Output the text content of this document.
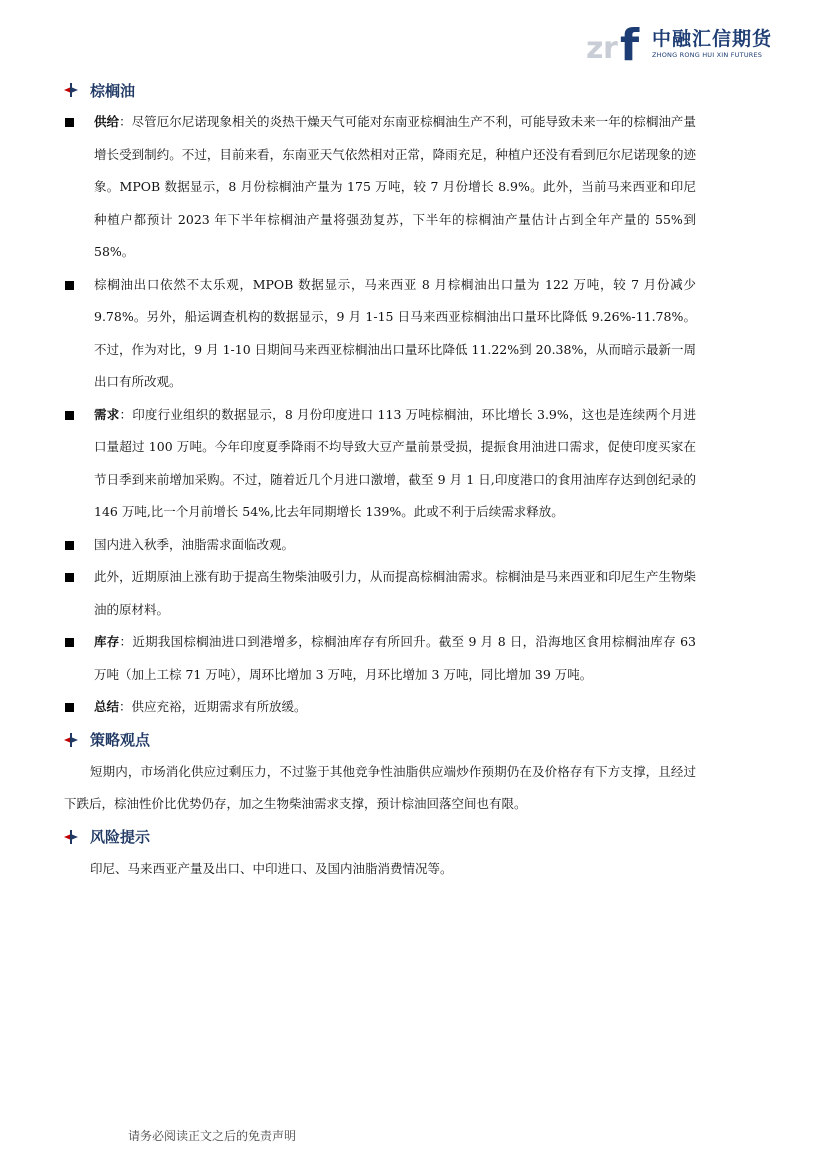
z r f 中融汇信期货
ZHONG RONG HUI XIN FUTURES
棕榈油
供给：尽管厄尔尼诺现象相关的炎热干燥天气可能对东南亚棕榈油生产不利，可能导致未来一年的棕榈油产量增长受到制约。不过，目前来看，东南亚天气依然相对正常，降雨充足，种植户还没有看到厄尔尼诺现象的迹象。MPOB 数据显示，8 月份棕榈油产量为 175 万吨，较 7 月份增长 8.9%。此外，当前马来西亚和印尼种植户都预计 2023 年下半年棕榈油产量将强劲复苏，下半年的棕榈油产量估计占到全年产量的 55%到 58%。
棕榈油出口依然不太乐观，MPOB 数据显示，马来西亚 8 月棕榈油出口量为 122 万吨，较 7 月份减少 9.78%。另外，船运调查机构的数据显示，9 月 1-15 日马来西亚棕榈油出口量环比降低 9.26%-11.78%。不过，作为对比，9 月 1-10 日期间马来西亚棕榈油出口量环比降低 11.22%到 20.38%，从而暗示最新一周出口有所改观。
需求：印度行业组织的数据显示，8 月份印度进口 113 万吨棕榈油，环比增长 3.9%，这也是连续两个月进口量超过 100 万吨。今年印度夏季降雨不均导致大豆产量前景受损，提振食用油进口需求，促使印度买家在节日季到来前增加采购。不过，随着近几个月进口激增，截至 9 月 1 日,印度港口的食用油库存达到创纪录的 146 万吨,比一个月前增长 54%,比去年同期增长 139%。此或不利于后续需求释放。
国内进入秋季，油脂需求面临改观。
此外，近期原油上涨有助于提高生物柴油吸引力，从而提高棕榈油需求。棕榈油是马来西亚和印尼生产生物柴油的原材料。
库存：近期我国棕榈油进口到港增多，棕榈油库存有所回升。截至 9 月 8 日，沿海地区食用棕榈油库存 63 万吨（加上工棕 71 万吨），周环比增加 3 万吨，月环比增加 3 万吨，同比增加 39 万吨。
总结：供应充裕，近期需求有所放缓。
策略观点
短期内，市场消化供应过剩压力，不过鉴于其他竞争性油脂供应端炒作预期仍在及价格存有下方支撑，且经过下跌后，棕油性价比优势仍存，加之生物柴油需求支撑，预计棕油回落空间也有限。
风险提示
印尼、马来西亚产量及出口、中印进口、及国内油脂消费情况等。
请务必阅读正文之后的免责声明
